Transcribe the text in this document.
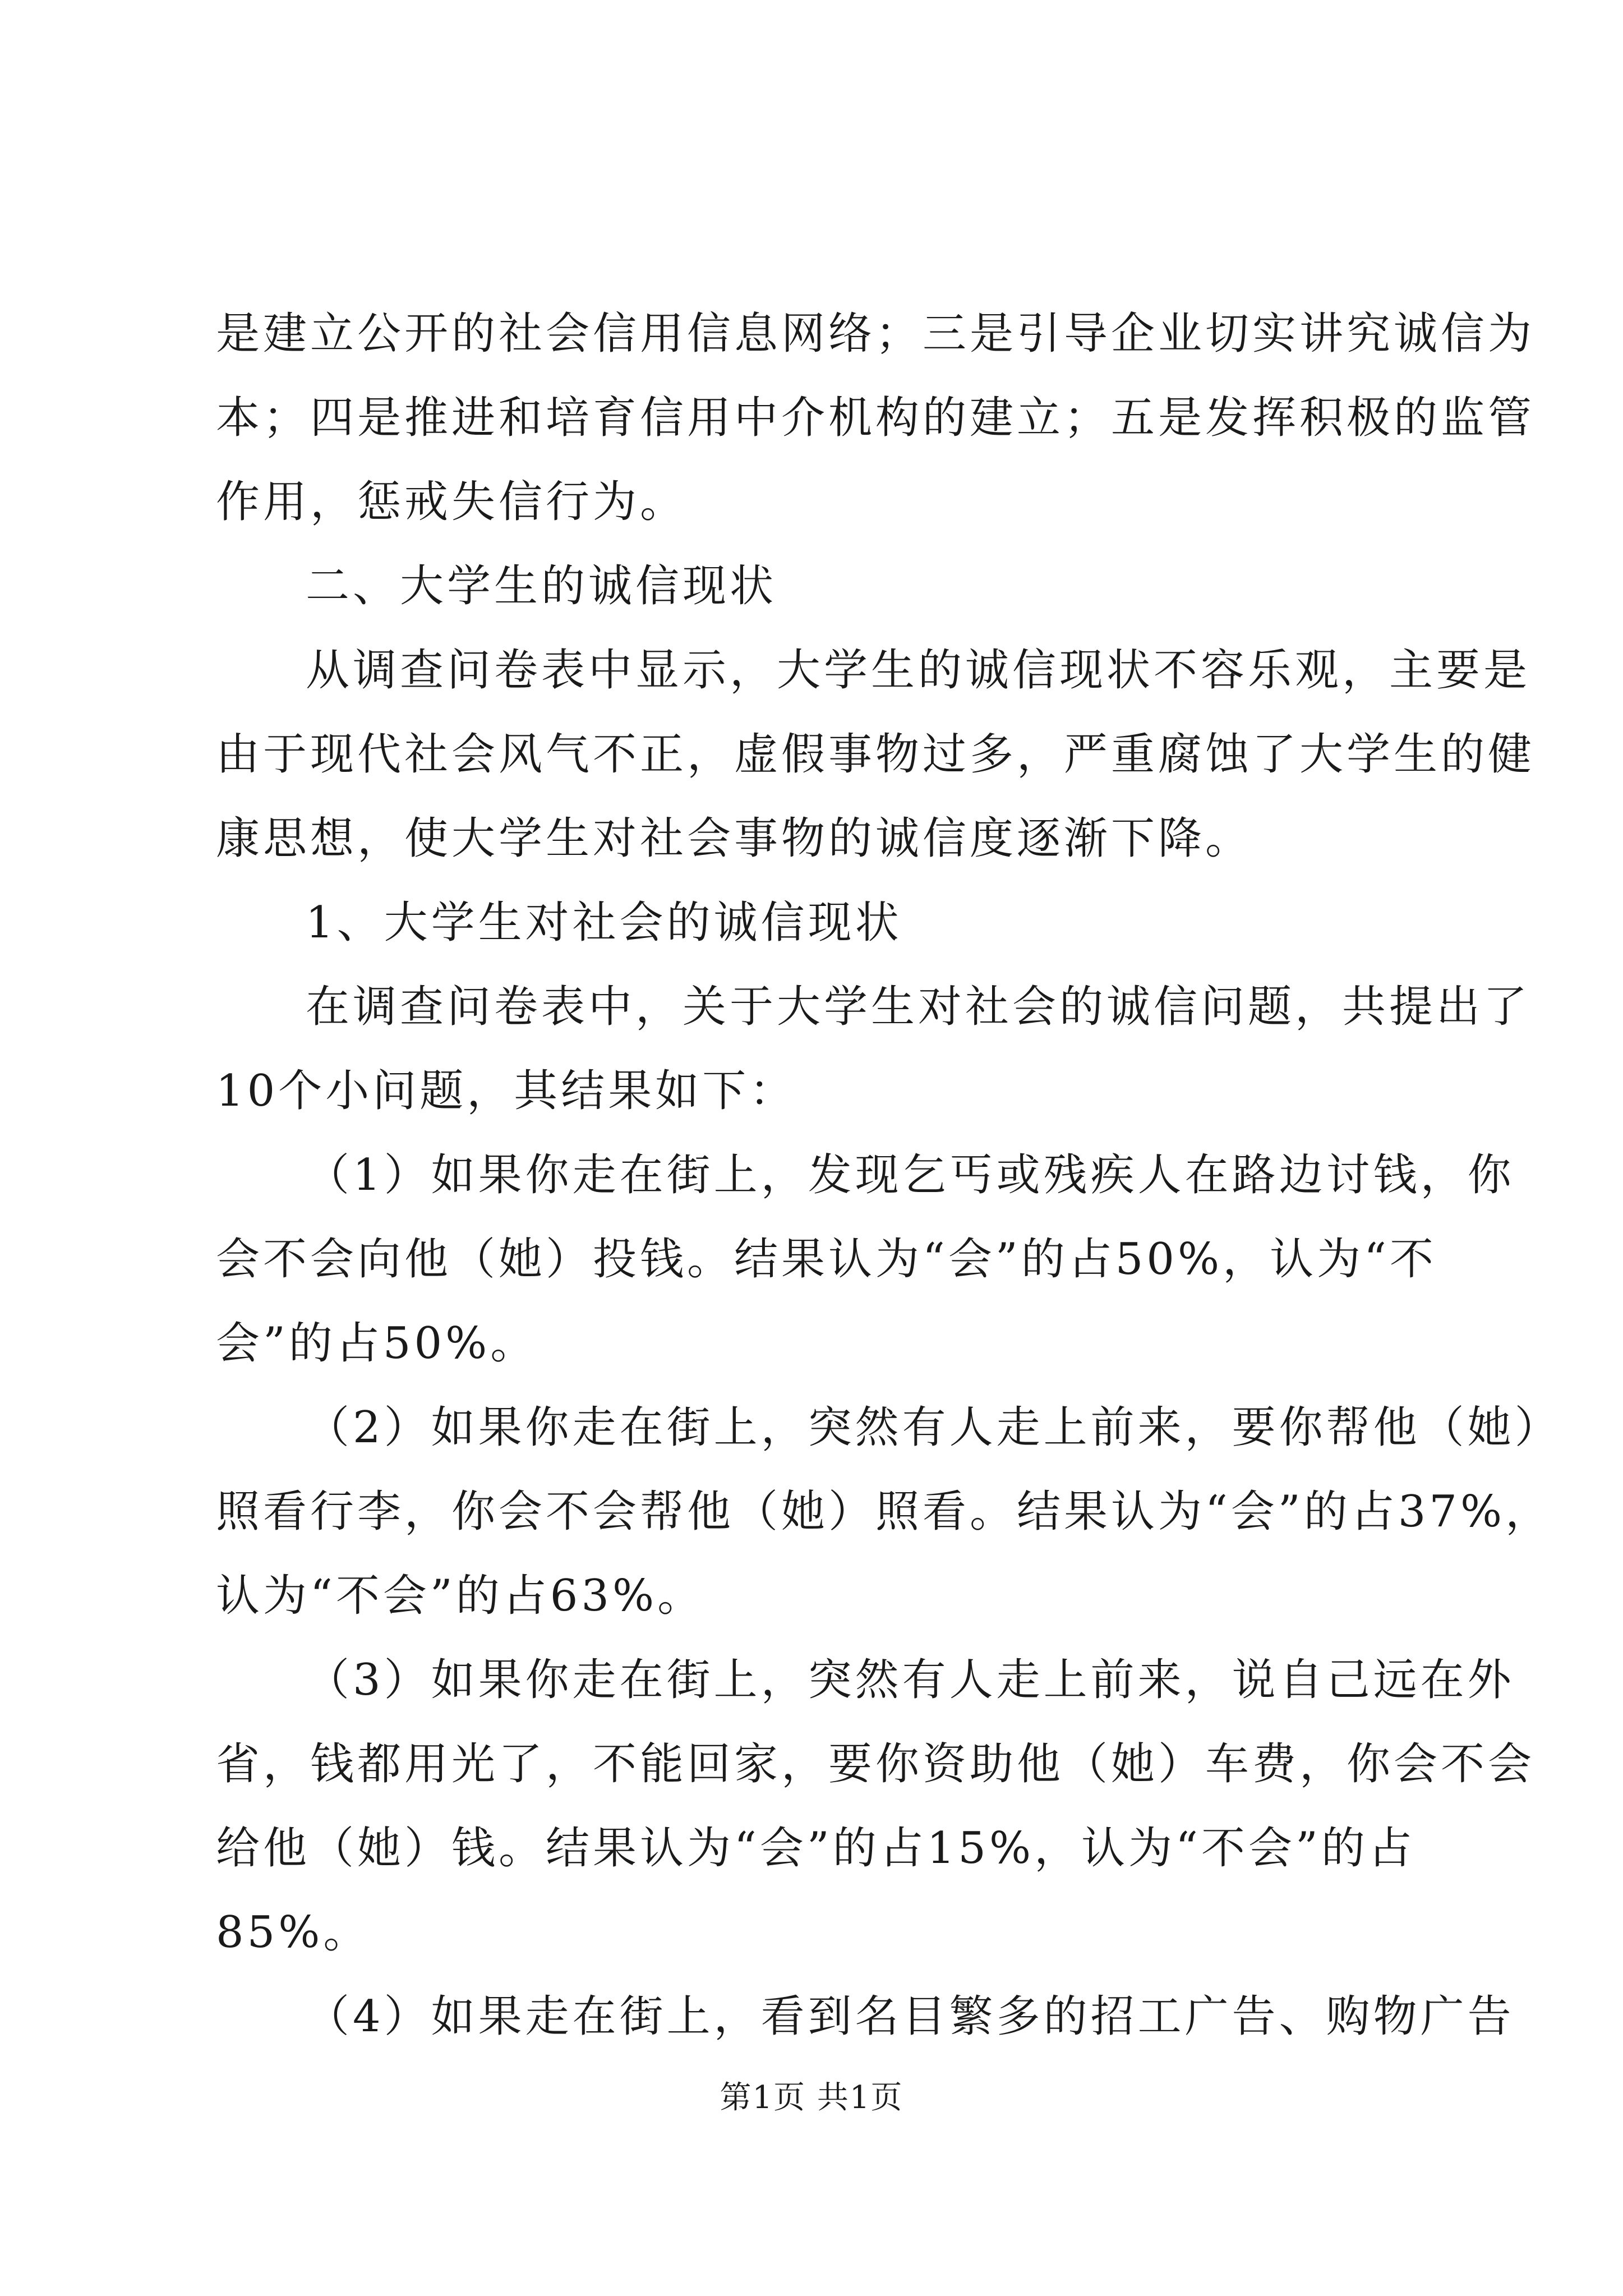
是建立公开的社会信用信息网络；三是引导企业切实讲究诚信为
本；四是推进和培育信用中介机构的建立；五是发挥积极的监管
作用，惩戒失信行为。
二、大学生的诚信现状
从调查问卷表中显示，大学生的诚信现状不容乐观，主要是
由于现代社会风气不正，虚假事物过多，严重腐蚀了大学生的健
康思想，使大学生对社会事物的诚信度逐渐下降。
1、大学生对社会的诚信现状
在调查问卷表中，关于大学生对社会的诚信问题，共提出了
10个小问题，其结果如下：
（1）如果你走在街上，发现乞丐或残疾人在路边讨钱，你
会不会向他（她）投钱。结果认为“会”的占50%，认为“不
会”的占50%。
（2）如果你走在街上，突然有人走上前来，要你帮他（她）
照看行李，你会不会帮他（她）照看。结果认为“会”的占37%，
认为“不会”的占63%。
（3）如果你走在街上，突然有人走上前来，说自己远在外
省，钱都用光了，不能回家，要你资助他（她）车费，你会不会
给他（她）钱。结果认为“会”的占15%，认为“不会”的占
85%。
（4）如果走在街上，看到名目繁多的招工广告、购物广告
第1页 共1页
